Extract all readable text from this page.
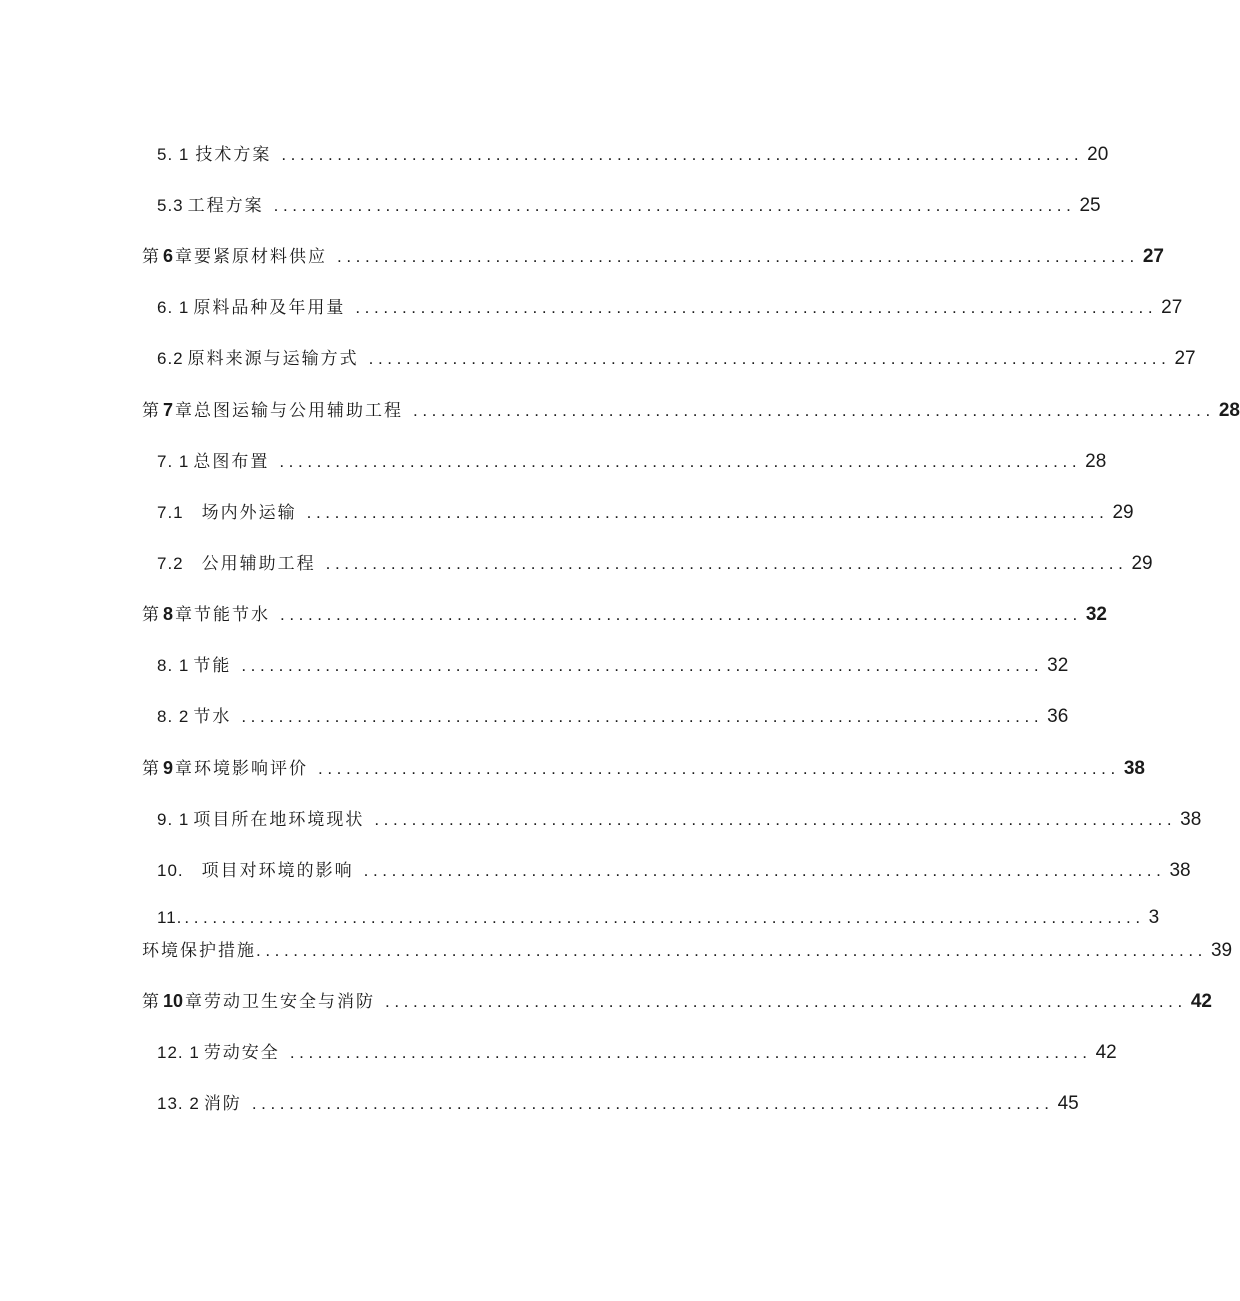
5. 1 技术方案 ...................................................................................... 20
5.3 工程方案 ...................................................................................... 25
第 6 章要紧原材料供应 ...................................................................................... 27
6. 1 原料品种及年用量 ...................................................................................... 27
6.2 原料来源与运输方式 ...................................................................................... 27
第 7 章总图运输与公用辅助工程 ...................................................................................... 28
7. 1 总图布置 ...................................................................................... 28
7.1 场内外运输 ...................................................................................... 29
7.2 公用辅助工程 ...................................................................................... 29
第 8 章节能节水 ...................................................................................... 32
8. 1 节能 ...................................................................................... 32
8. 2 节水 ...................................................................................... 36
第 9 章环境影响评价 ...................................................................................... 38
9. 1 项目所在地环境现状 ...................................................................................... 38
10. 项目对环境的影响 ...................................................................................... 38
11. ....................................................................................................... 3
环境保护措施 ...................................................................................................... 39
第 10 章劳动卫生安全与消防 ...................................................................................... 42
12. 1 劳动安全 ...................................................................................... 42
13. 2 消防 ...................................................................................... 45
